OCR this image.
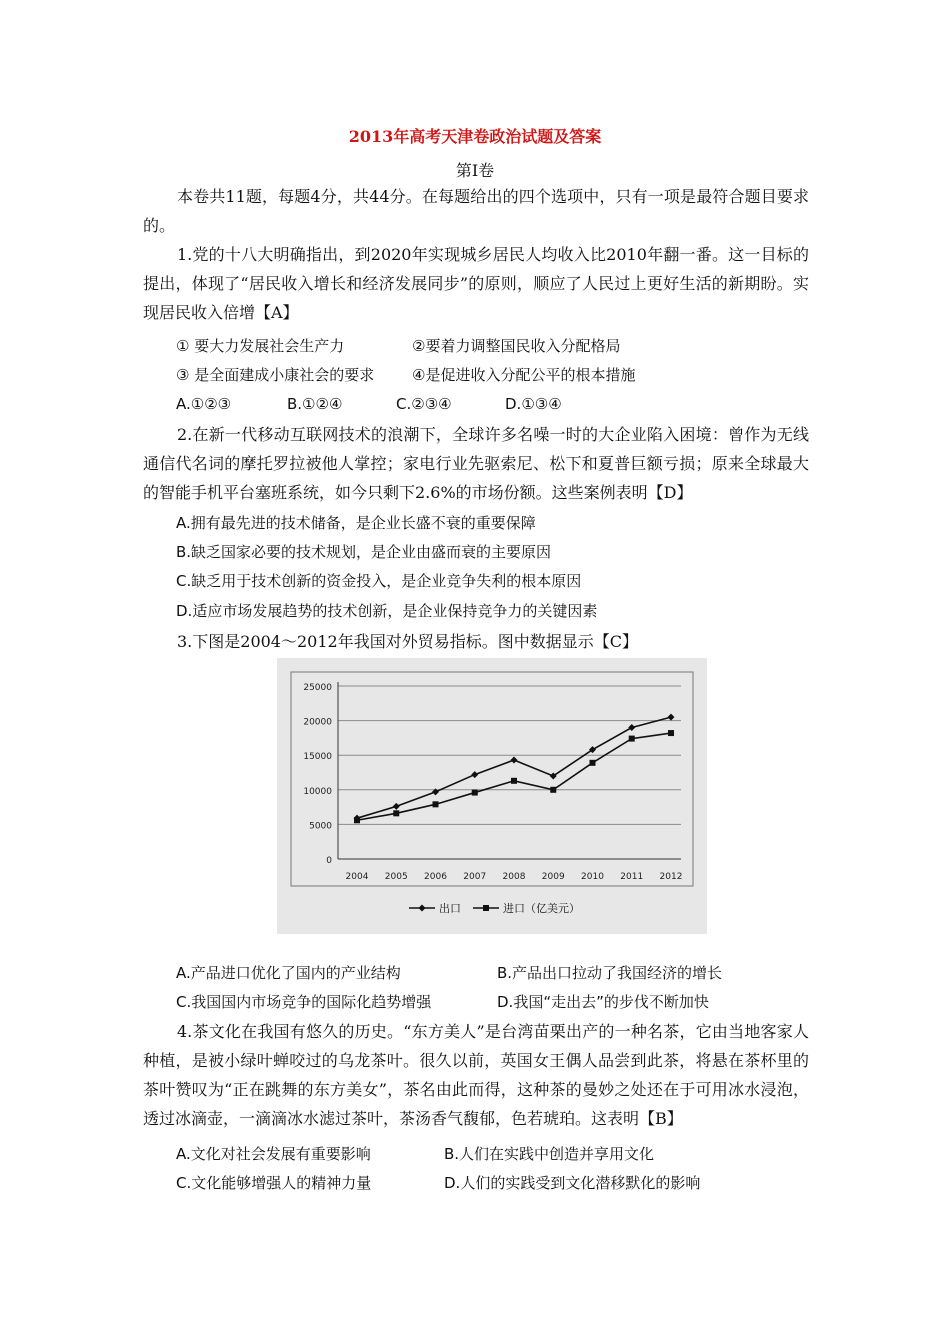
2013年高考天津卷政治试题及答案
第Ⅰ卷

本卷共11题，每题4分，共44分。在每题给出的四个选项中，只有一项是最符合题目要求的。

1.党的十八大明确指出，到2020年实现城乡居民人均收入比2010年翻一番。这一目标的提出，体现了“居民收入增长和经济发展同步”的原则，顺应了人民过上更好生活的新期盼。实现居民收入倍增【A】

① 要大力发展社会生产力	②要着力调整国民收入分配格局
③ 是全面建成小康社会的要求	④是促进收入分配公平的根本措施
A.①②③	B.①②④	C.②③④	D.①③④

2.在新一代移动互联网技术的浪潮下，全球许多名噪一时的大企业陷入困境：曾作为无线通信代名词的摩托罗拉被他人掌控；家电行业先驱索尼、松下和夏普巨额亏损；原来全球最大的智能手机平台塞班系统，如今只剩下2.6%的市场份额。这些案例表明【D】

A.拥有最先进的技术储备，是企业长盛不衰的重要保障
B.缺乏国家必要的技术规划，是企业由盛而衰的主要原因
C.缺乏用于技术创新的资金投入，是企业竞争失利的根本原因
D.适应市场发展趋势的技术创新，是企业保持竞争力的关键因素

3.下图是2004～2012年我国对外贸易指标。图中数据显示【C】

0
5000
10000
15000
20000
25000
2004 2005 2006 2007 2008 2009 2010 2011 2012
出口	进口（亿美元）
A.产品进口优化了国内的产业结构	B.产品出口拉动了我国经济的增长
C.我国国内市场竞争的国际化趋势增强	D.我国“走出去”的步伐不断加快

4.茶文化在我国有悠久的历史。“东方美人”是台湾苗栗出产的一种名茶，它由当地客家人种植，是被小绿叶蝉咬过的乌龙茶叶。很久以前，英国女王偶人品尝到此茶，将悬在茶杯里的茶叶赞叹为“正在跳舞的东方美女”，茶名由此而得，这种茶的曼妙之处还在于可用冰水浸泡，透过冰滴壶，一滴滴冰水滤过茶叶，茶汤香气馥郁，色若琥珀。这表明【B】

A.文化对社会发展有重要影响	B.人们在实践中创造并享用文化
C.文化能够增强人的精神力量	D.人们的实践受到文化潜移默化的影响
